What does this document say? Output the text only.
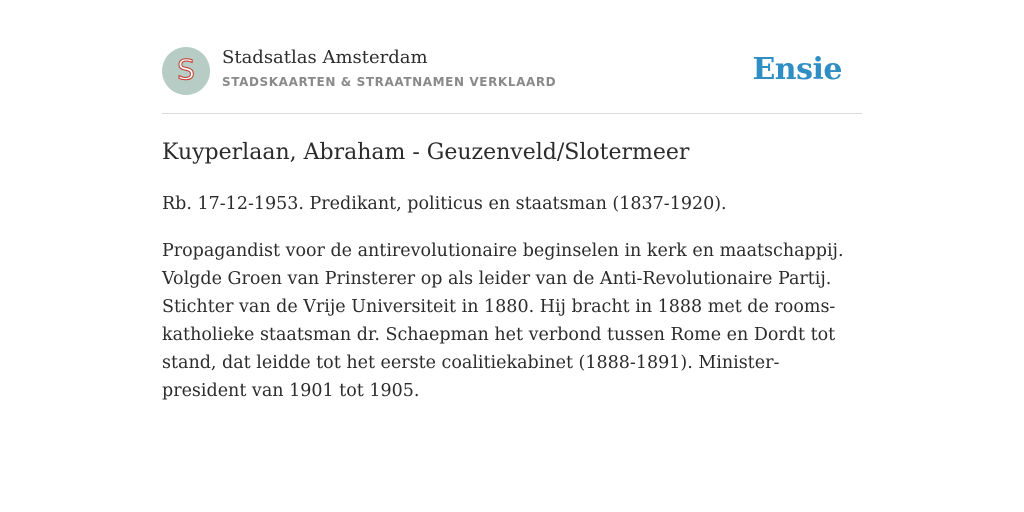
S Stadsatlas Amsterdam
STADSKAARTEN & STRAATNAMEN VERKLAARD	Ensie
Kuyperlaan, Abraham - Geuzenveld/Slotermeer

Rb. 17-12-1953. Predikant, politicus en staatsman (1837-1920).

Propagandist voor de antirevolutionaire beginselen in kerk en maatschappij. Volgde Groen van Prinsterer op als leider van de Anti-Revolutionaire Partij. Stichter van de Vrije Universiteit in 1880. Hij bracht in 1888 met de rooms-katholieke staatsman dr. Schaepman het verbond tussen Rome en Dordt tot stand, dat leidde tot het eerste coalitiekabinet (1888-1891). Minister-president van 1901 tot 1905.
